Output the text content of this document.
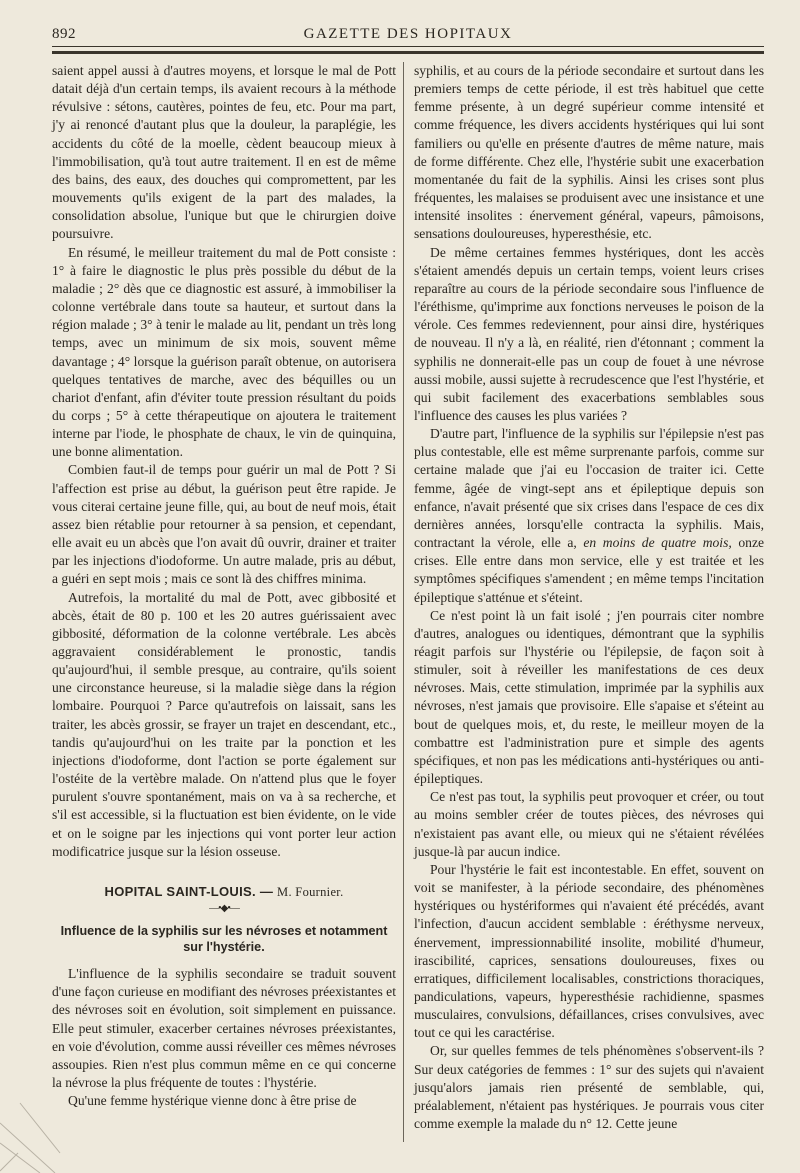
892	GAZETTE DES HOPITAUX

saient appel aussi à d'autres moyens, et lorsque le mal de Pott datait déjà d'un certain temps, ils avaient recours à la méthode révulsive : sétons, cautères, pointes de feu, etc. Pour ma part, j'y ai renoncé d'autant plus que la douleur, la paraplégie, les accidents du côté de la moelle, cèdent beaucoup mieux à l'immobilisation, qu'à tout autre traitement. Il en est de même des bains, des eaux, des douches qui compromettent, par les mouvements qu'ils exigent de la part des malades, la consolidation absolue, l'unique but que le chirurgien doive poursuivre.

En résumé, le meilleur traitement du mal de Pott consiste : 1° à faire le diagnostic le plus près possible du début de la maladie ; 2° dès que ce diagnostic est assuré, à immobiliser la colonne vertébrale dans toute sa hauteur, et surtout dans la région malade ; 3° à tenir le malade au lit, pendant un très long temps, avec un minimum de six mois, souvent même davantage ; 4° lorsque la guérison paraît obtenue, on autorisera quelques tentatives de marche, avec des béquilles ou un chariot d'enfant, afin d'éviter toute pression résultant du poids du corps ; 5° à cette thérapeutique on ajoutera le traitement interne par l'iode, le phosphate de chaux, le vin de quinquina, une bonne alimentation.

Combien faut-il de temps pour guérir un mal de Pott ? Si l'affection est prise au début, la guérison peut être rapide. Je vous citerai certaine jeune fille, qui, au bout de neuf mois, était assez bien rétablie pour retourner à sa pension, et cependant, elle avait eu un abcès que l'on avait dû ouvrir, drainer et traiter par les injections d'iodoforme. Un autre malade, pris au début, a guéri en sept mois ; mais ce sont là des chiffres minima.

Autrefois, la mortalité du mal de Pott, avec gibbosité et abcès, était de 80 p. 100 et les 20 autres guérissaient avec gibbosité, déformation de la colonne vertébrale. Les abcès aggravaient considérablement le pronostic, tandis qu'aujourd'hui, il semble presque, au contraire, qu'ils soient une circonstance heureuse, si la maladie siège dans la région lombaire. Pourquoi ? Parce qu'autrefois on laissait, sans les traiter, les abcès grossir, se frayer un trajet en descendant, etc., tandis qu'aujourd'hui on les traite par la ponction et les injections d'iodoforme, dont l'action se porte également sur l'ostéite de la vertèbre malade. On n'attend plus que le foyer purulent s'ouvre spontanément, mais on va à sa recherche, et s'il est accessible, si la fluctuation est bien évidente, on le vide et on le soigne par les injections qui vont porter leur action modificatrice jusque sur la lésion osseuse.

HOPITAL SAINT-LOUIS. — M. Fournier.
—•◆•—
Influence de la syphilis sur les névroses et notamment sur l'hystérie.

L'influence de la syphilis secondaire se traduit souvent d'une façon curieuse en modifiant des névroses préexistantes et des névroses soit en évolution, soit simplement en puissance. Elle peut stimuler, exacerber certaines névroses préexistantes, en voie d'évolution, comme aussi réveiller ces mêmes névroses assoupies. Rien n'est plus commun même en ce qui concerne la névrose la plus fréquente de toutes : l'hystérie.

Qu'une femme hystérique vienne donc à être prise de

syphilis, et au cours de la période secondaire et surtout dans les premiers temps de cette période, il est très habituel que cette femme présente, à un degré supérieur comme intensité et comme fréquence, les divers accidents hystériques qui lui sont familiers ou qu'elle en présente d'autres de même nature, mais de forme différente. Chez elle, l'hystérie subit une exacerbation momentanée du fait de la syphilis. Ainsi les crises sont plus fréquentes, les malaises se produisent avec une insistance et une intensité insolites : énervement général, vapeurs, pâmoisons, sensations douloureuses, hyperesthésie, etc.

De même certaines femmes hystériques, dont les accès s'étaient amendés depuis un certain temps, voient leurs crises reparaître au cours de la période secondaire sous l'influence de l'éréthisme, qu'imprime aux fonctions nerveuses le poison de la vérole. Ces femmes redeviennent, pour ainsi dire, hystériques de nouveau. Il n'y a là, en réalité, rien d'étonnant ; comment la syphilis ne donnerait-elle pas un coup de fouet à une névrose aussi mobile, aussi sujette à recrudescence que l'est l'hystérie, et qui subit facilement des exacerbations semblables sous l'influence des causes les plus variées ?

D'autre part, l'influence de la syphilis sur l'épilepsie n'est pas plus contestable, elle est même surprenante parfois, comme sur certaine malade que j'ai eu l'occasion de traiter ici. Cette femme, âgée de vingt-sept ans et épileptique depuis son enfance, n'avait présenté que six crises dans l'espace de ces dix dernières années, lorsqu'elle contracta la syphilis. Mais, contractant la vérole, elle a, en moins de quatre mois, onze crises. Elle entre dans mon service, elle y est traitée et les symptômes spécifiques s'amendent ; en même temps l'incitation épileptique s'atténue et s'éteint.

Ce n'est point là un fait isolé ; j'en pourrais citer nombre d'autres, analogues ou identiques, démontrant que la syphilis réagit parfois sur l'hystérie ou l'épilepsie, de façon soit à stimuler, soit à réveiller les manifestations de ces deux névroses. Mais, cette stimulation, imprimée par la syphilis aux névroses, n'est jamais que provisoire. Elle s'apaise et s'éteint au bout de quelques mois, et, du reste, le meilleur moyen de la combattre est l'administration pure et simple des agents spécifiques, et non pas les médications anti-hystériques ou anti-épileptiques.

Ce n'est pas tout, la syphilis peut provoquer et créer, ou tout au moins sembler créer de toutes pièces, des névroses qui n'existaient pas avant elle, ou mieux qui ne s'étaient révélées jusque-là par aucun indice.

Pour l'hystérie le fait est incontestable. En effet, souvent on voit se manifester, à la période secondaire, des phénomènes hystériques ou hystériformes qui n'avaient été précédés, avant l'infection, d'aucun accident semblable : éréthysme nerveux, énervement, impressionnabilité insolite, mobilité d'humeur, irascibilité, caprices, sensations douloureuses, fixes ou erratiques, difficilement localisables, constrictions thoraciques, pandiculations, vapeurs, hyperesthésie rachidienne, spasmes musculaires, convulsions, défaillances, crises convulsives, avec tout ce qui les caractérise.

Or, sur quelles femmes de tels phénomènes s'observent-ils ? Sur deux catégories de femmes : 1° sur des sujets qui n'avaient jusqu'alors jamais rien présenté de semblable, qui, préalablement, n'étaient pas hystériques. Je pourrais vous citer comme exemple la malade du n° 12. Cette jeune
